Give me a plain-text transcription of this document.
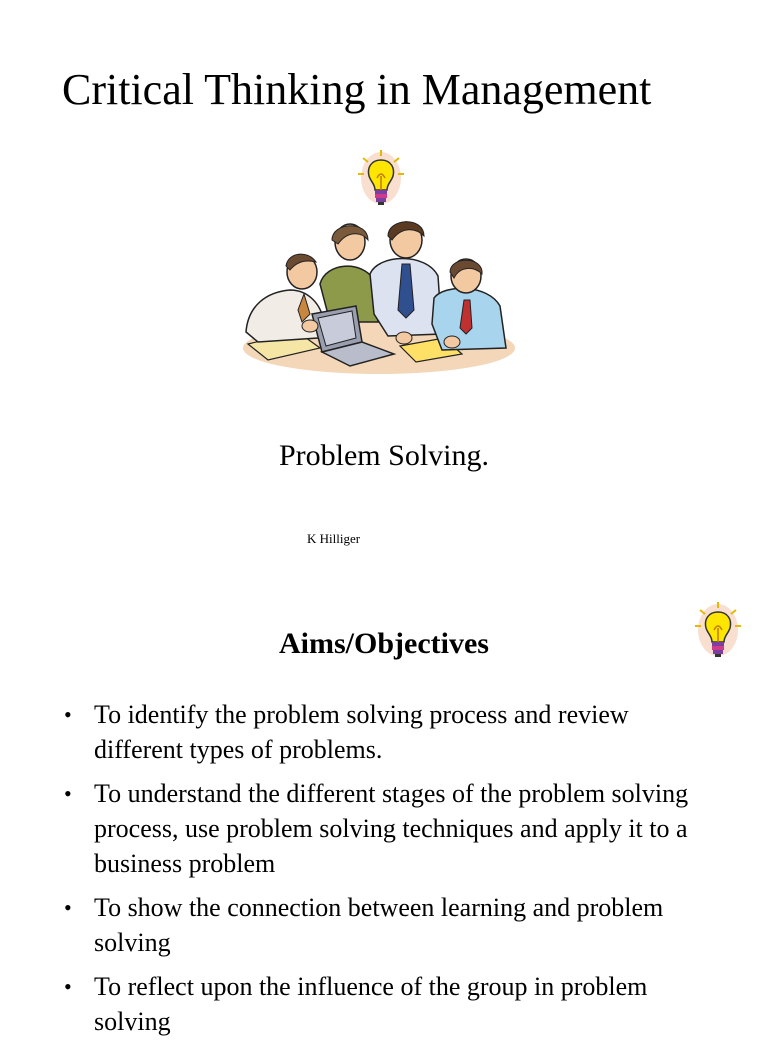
Critical Thinking in Management
Problem Solving.
K Hilliger
Aims/Objectives
• To identify the problem solving process and review different types of problems.
• To understand the different stages of the problem solving process, use problem solving techniques and apply it to a business problem
• To show the connection between learning and problem solving
• To reflect upon the influence of the group in problem solving
